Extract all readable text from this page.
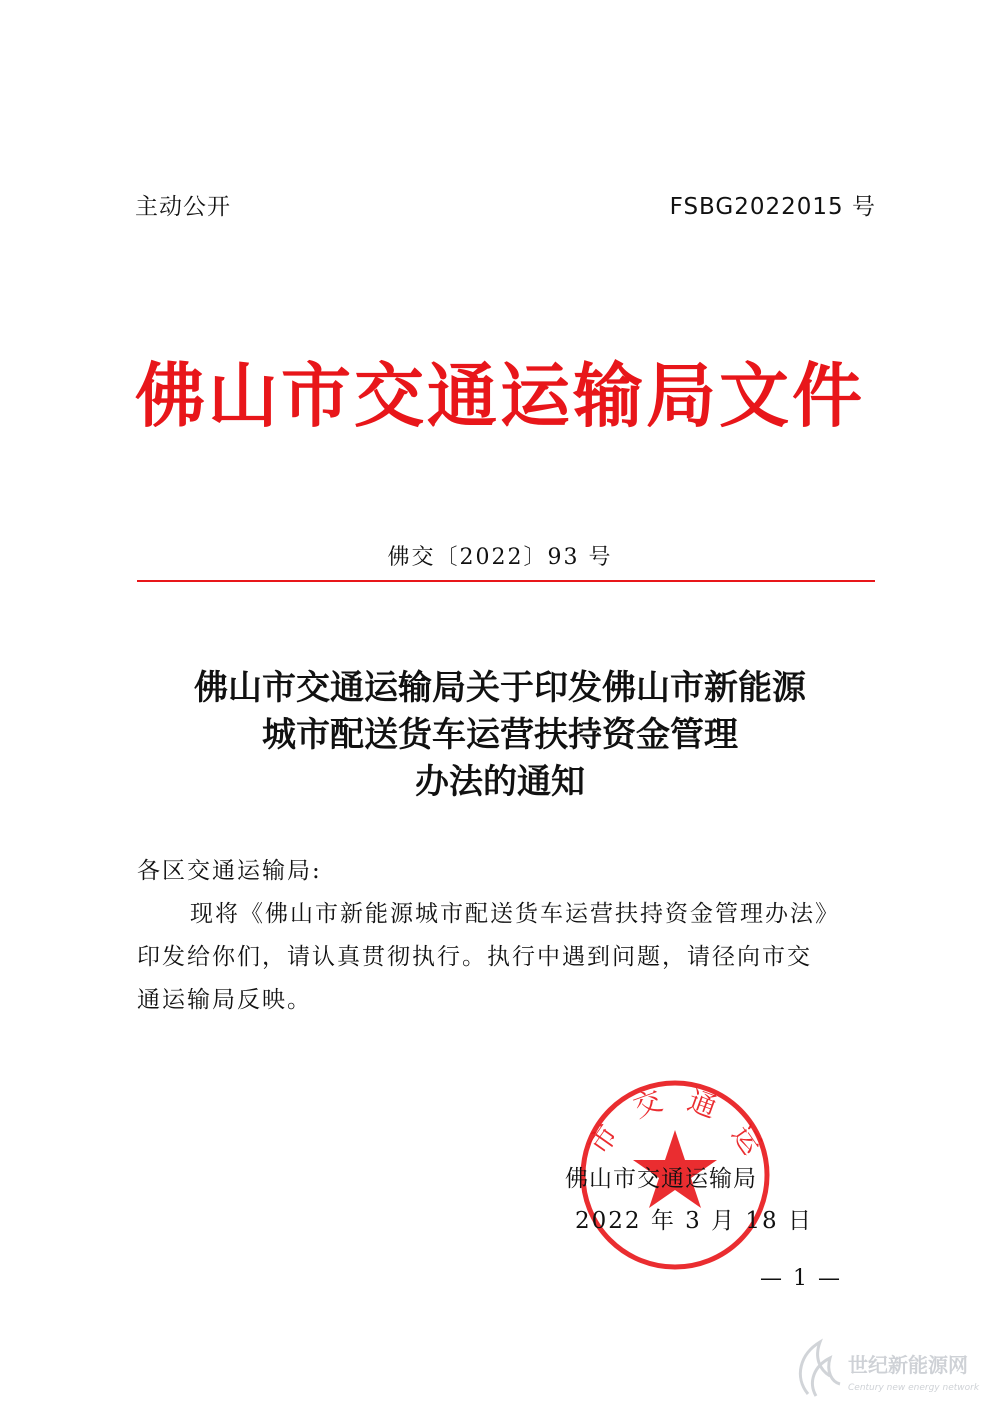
主动公开	FSBG2022015 号
佛山市交通运输局文件
佛交〔2022〕93 号
佛山市交通运输局关于印发佛山市新能源
城市配送货车运营扶持资金管理
办法的通知
各区交通运输局:
现将《佛山市新能源城市配送货车运营扶持资金管理办法》
印发给你们，请认真贯彻执行。执行中遇到问题，请径向市交
通运输局反映。
市
交 通
运
佛山市交通运输局
2022 年 3 月 18 日
— 1 —
世纪新能源网
Century new energy network
